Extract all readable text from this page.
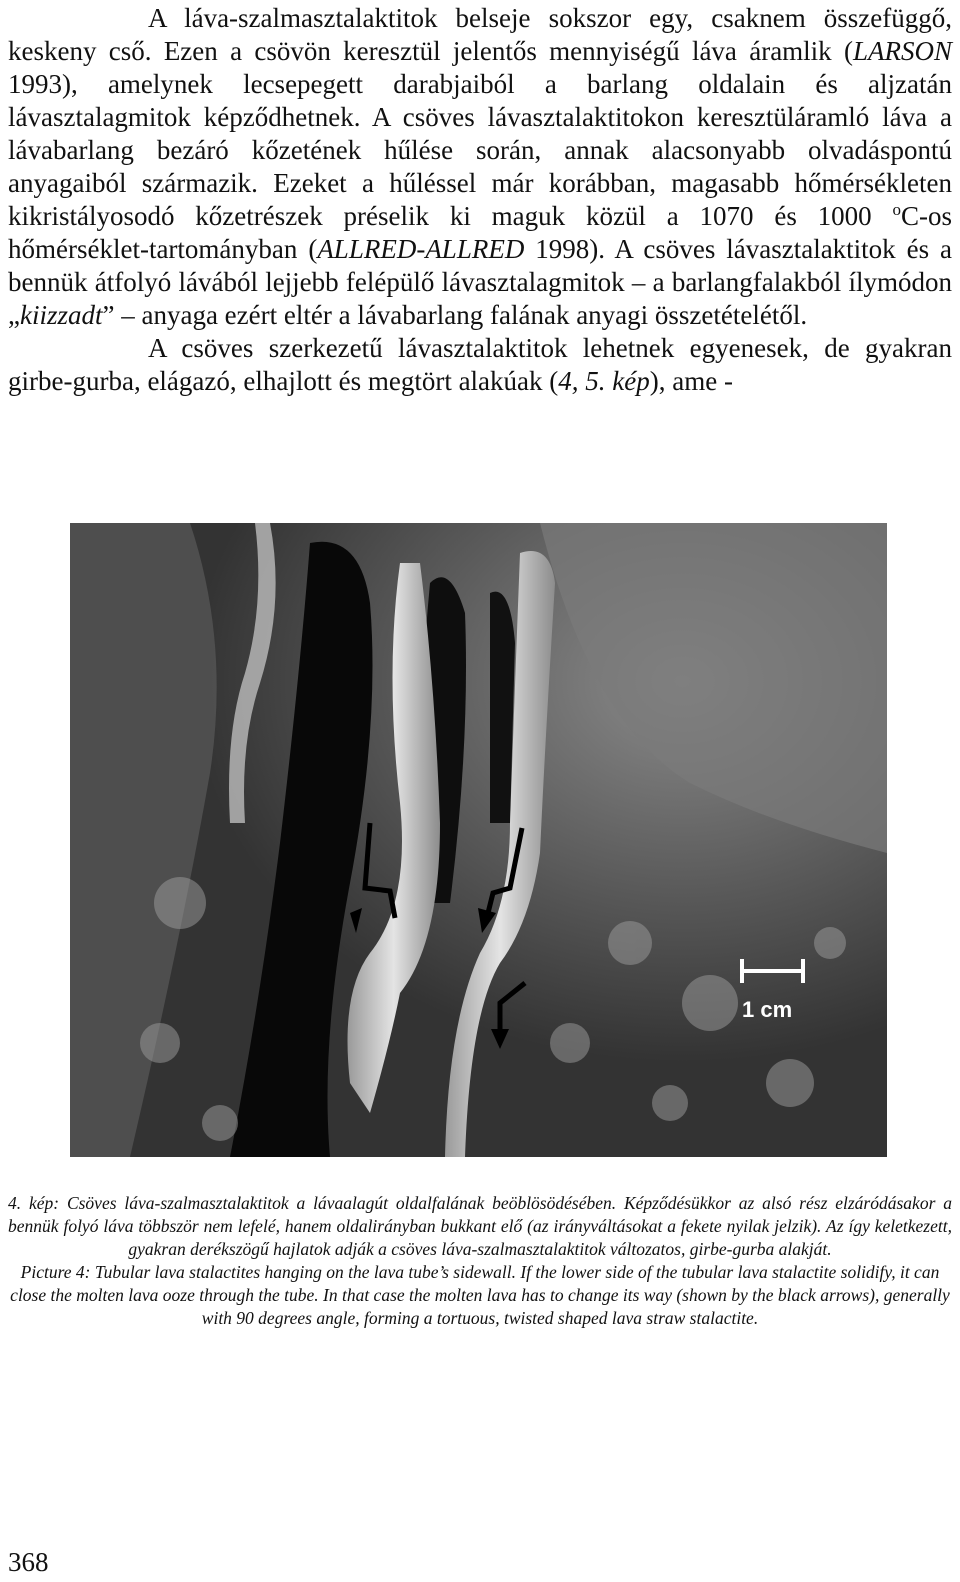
A láva-szalmasztalaktitok belseje sokszor egy, csaknem összefüggő, keskeny cső. Ezen a csövön keresztül jelentős mennyiségű láva áramlik (LARSON 1993), amelynek lecsepegett darabjaiból a barlang oldalain és aljzatán lávasztalagmitok képződhetnek. A csöves lávasztalaktitokon keresztüláramló láva a lávabarlang bezáró kőzetének hűlése során, annak alacsonyabb olvadáspontú anyagaiból származik. Ezeket a hűléssel már korábban, magasabb hőmérsékleten kikristályosodó kőzetrészek préselik ki maguk közül a 1070 és 1000 $^o$C-os hőmérséklet-tartományban (ALLRED-ALLRED 1998). A csöves lávasztalaktitok és a bennük átfolyó lávából lejjebb felépülő lávasztalagmitok – a barlangfalakból ílymódon „kiizzadt” – anyaga ezért eltér a lávabarlang falának anyagi összetételétől.

A csöves szerkezetű lávasztalaktitok lehetnek egyenesek, de gyakran girbe-gurba, elágazó, elhajlott és megtört alakúak (4, 5. kép), ame -

1 cm

4. kép: Csöves láva-szalmasztalaktitok a lávaalagút oldalfalának beöblösödésében. Képződésükkor az alsó rész elzáródásakor a bennük folyó láva többször nem lefelé, hanem oldalirányban bukkant elő (az irányváltásokat a fekete nyilak jelzik). Az így keletkezett, gyakran derékszögű hajlatok adják a csöves láva-szalmasztalaktitok változatos, girbe-gurba alakját.

Picture 4: Tubular lava stalactites hanging on the lava tube’s sidewall. If the lower side of the tubular lava stalactite solidify, it can close the molten lava ooze through the tube. In that case the molten lava has to change its way (shown by the black arrows), generally with 90 degrees angle, forming a tortuous, twisted shaped lava straw stalactite.

368
